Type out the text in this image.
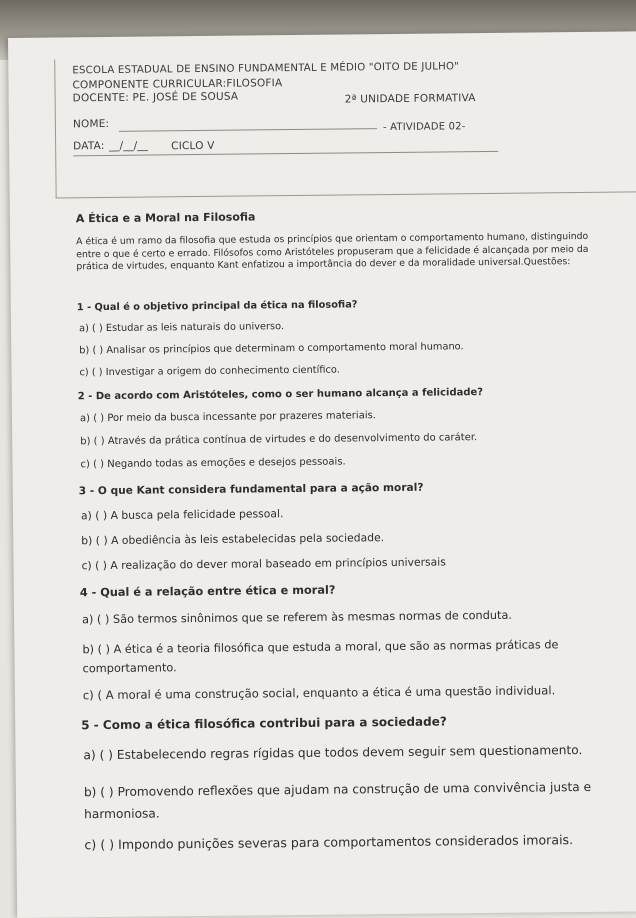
ESCOLA ESTADUAL DE ENSINO FUNDAMENTAL E MÉDIO "OITO DE JULHO"
COMPONENTE CURRICULAR:FILOSOFIA
DOCENTE: PE. JOSÉ DE SOUSA	2ª UNIDADE FORMATIVA
NOME:	- ATIVIDADE 02-
DATA: __/__/__ CICLO V
A Ética e a Moral na Filosofia
A ética é um ramo da filosofia que estuda os princípios que orientam o comportamento humano, distinguindo entre o que é certo e errado. Filósofos como Aristóteles propuseram que a felicidade é alcançada por meio da prática de virtudes, enquanto Kant enfatizou a importância do dever e da moralidade universal.Questões:
1 - Qual é o objetivo principal da ética na filosofia?
a) ( ) Estudar as leis naturais do universo.
b) ( ) Analisar os princípios que determinam o comportamento moral humano.
c) ( ) Investigar a origem do conhecimento científico.
2 - De acordo com Aristóteles, como o ser humano alcança a felicidade?
a) ( ) Por meio da busca incessante por prazeres materiais.
b) ( ) Através da prática contínua de virtudes e do desenvolvimento do caráter.
c) ( ) Negando todas as emoções e desejos pessoais.
3 - O que Kant considera fundamental para a ação moral?
a) ( ) A busca pela felicidade pessoal.
b) ( ) A obediência às leis estabelecidas pela sociedade.
c) ( ) A realização do dever moral baseado em princípios universais
4 - Qual é a relação entre ética e moral?
a) ( ) São termos sinônimos que se referem às mesmas normas de conduta.
b) ( ) A ética é a teoria filosófica que estuda a moral, que são as normas práticas de comportamento.
c) ( A moral é uma construção social, enquanto a ética é uma questão individual.
5 - Como a ética filosófica contribui para a sociedade?
a) ( ) Estabelecendo regras rígidas que todos devem seguir sem questionamento.
b) ( ) Promovendo reflexões que ajudam na construção de uma convivência justa e harmoniosa.
c) ( ) Impondo punições severas para comportamentos considerados imorais.
